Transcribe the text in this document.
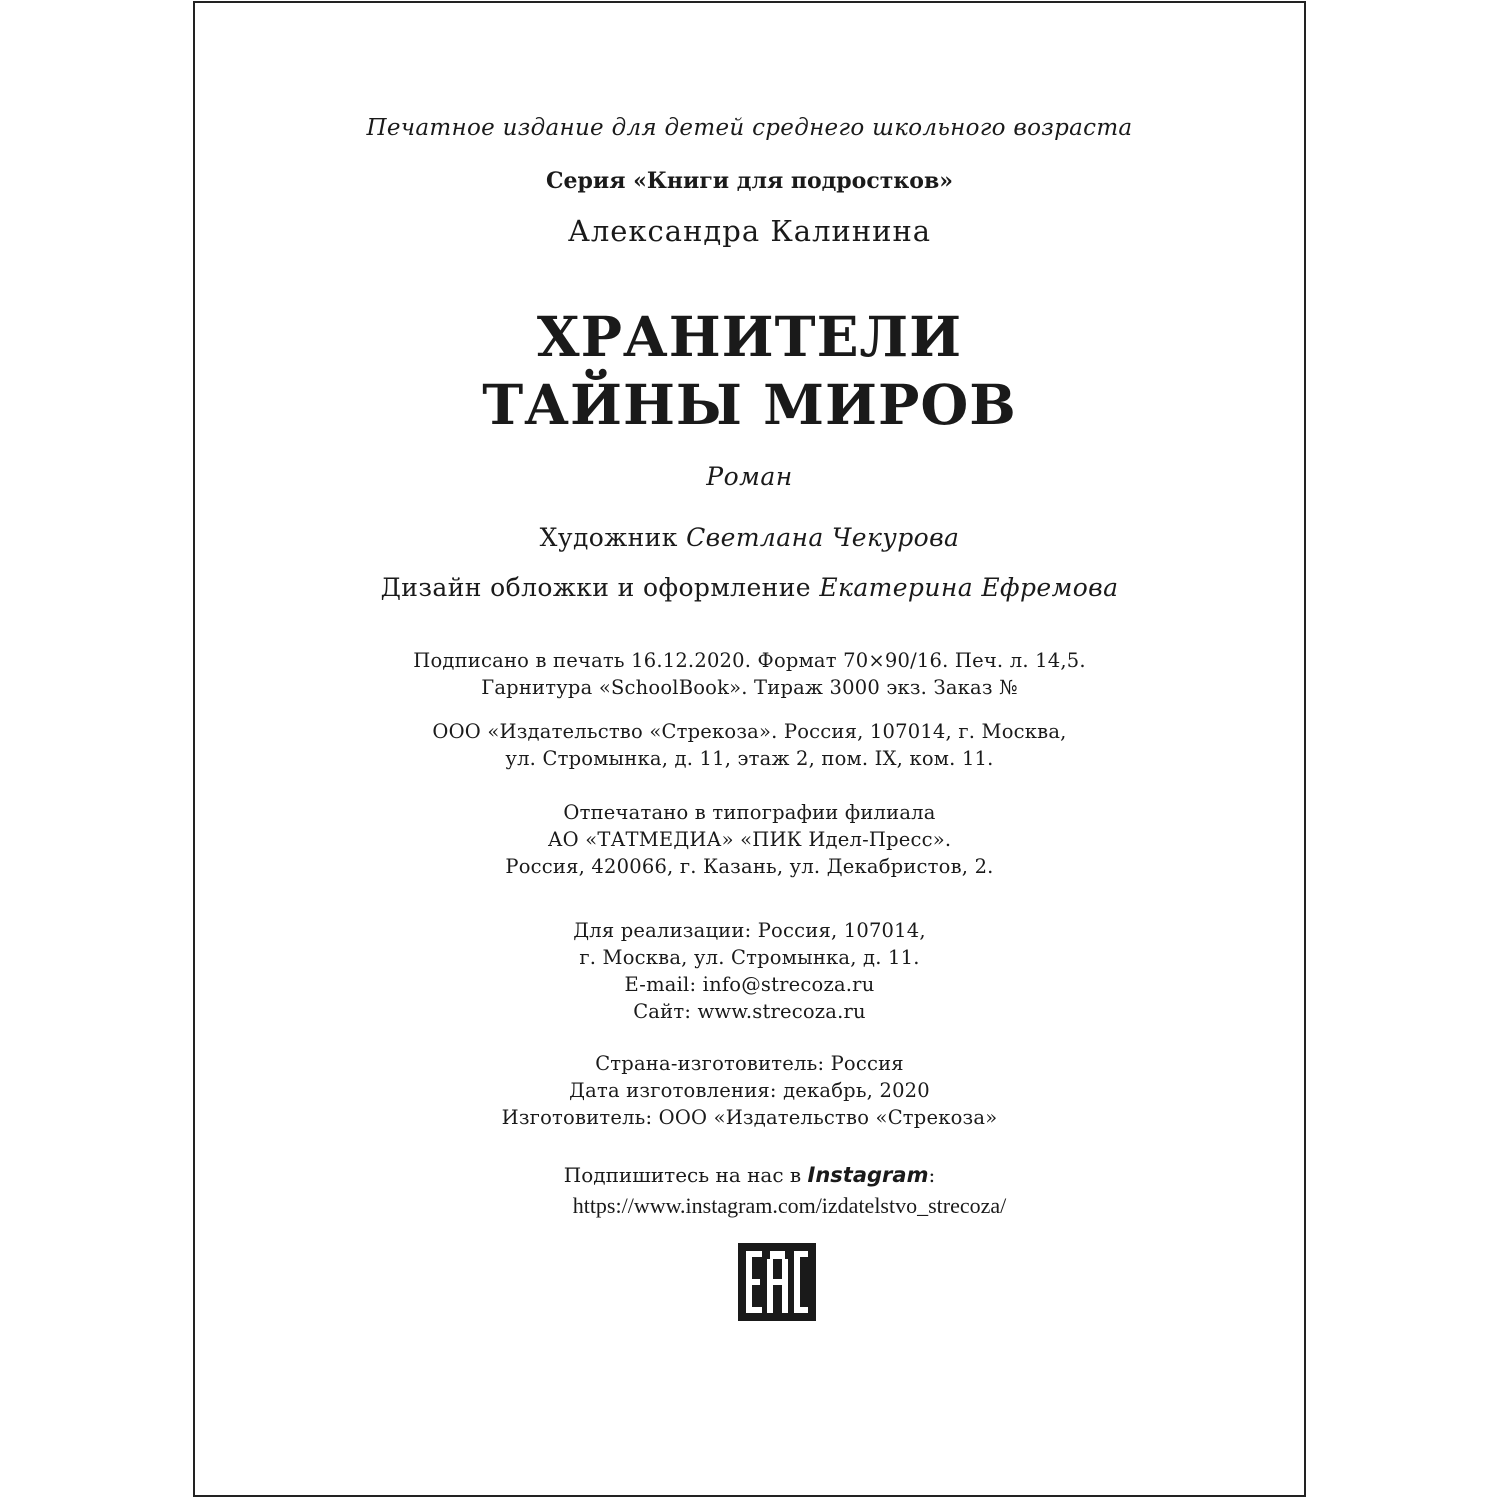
Печатное издание для детей среднего школьного возраста
Серия «Книги для подростков»
Александра Калинина
ХРАНИТЕЛИ
ТАЙНЫ МИРОВ
Роман
Художник Светлана Чекурова
Дизайн обложки и оформление Екатерина Ефремова
Подписано в печать 16.12.2020. Формат 70×90/16. Печ. л. 14,5.
Гарнитура «SchoolBook». Тираж 3000 экз. Заказ №
ООО «Издательство «Стрекоза». Россия, 107014, г. Москва,
ул. Стромынка, д. 11, этаж 2, пом. IX, ком. 11.
Отпечатано в типографии филиала
АО «ТАТМЕДИА» «ПИК Идел-Пресс».
Россия, 420066, г. Казань, ул. Декабристов, 2.
Для реализации: Россия, 107014,
г. Москва, ул. Стромынка, д. 11.
E-mail: info@strecoza.ru
Сайт: www.strecoza.ru
Страна-изготовитель: Россия
Дата изготовления: декабрь, 2020
Изготовитель: ООО «Издательство «Стрекоза»
Подпишитесь на нас в Instagram:
https://www.instagram.com/izdatelstvo_strecoza/
